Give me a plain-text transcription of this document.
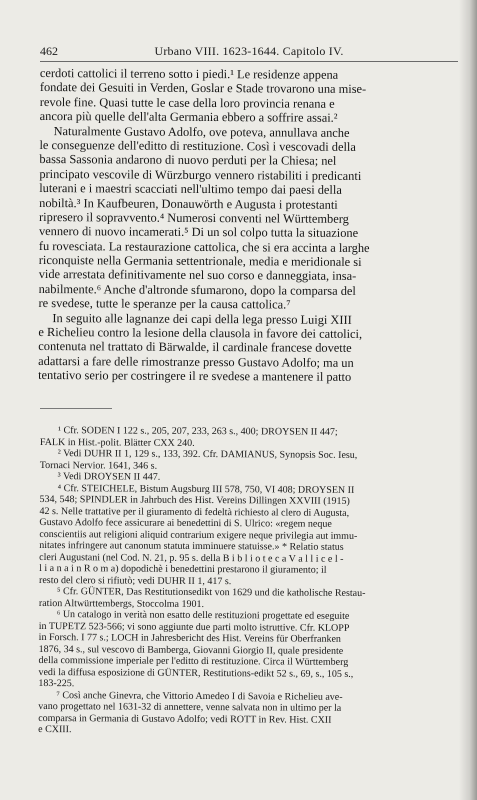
462	Urbano VIII. 1623-1644. Capitolo IV.
cerdoti cattolici il terreno sotto i piedi.¹ Le residenze appena
fondate dei Gesuiti in Verden, Goslar e Stade trovarono una mise-
revole fine. Quasi tutte le case della loro provincia renana e
ancora più quelle dell'alta Germania ebbero a soffrire assai.²
Naturalmente Gustavo Adolfo, ove poteva, annullava anche
le conseguenze dell'editto di restituzione. Così i vescovadi della
bassa Sassonia andarono di nuovo perduti per la Chiesa; nel
principato vescovile di Würzburgo vennero ristabiliti i predicanti
luterani e i maestri scacciati nell'ultimo tempo dai paesi della
nobiltà.³ In Kaufbeuren, Donauwörth e Augusta i protestanti
ripresero il sopravvento.⁴ Numerosi conventi nel Württemberg
vennero di nuovo incamerati.⁵ Di un sol colpo tutta la situazione
fu rovesciata. La restaurazione cattolica, che si era accinta a larghe
riconquiste nella Germania settentrionale, media e meridionale si
vide arrestata definitivamente nel suo corso e danneggiata, insa-
nabilmente.⁶ Anche d'altronde sfumarono, dopo la comparsa del
re svedese, tutte le speranze per la causa cattolica.⁷
In seguito alle lagnanze dei capi della lega presso Luigi XIII
e Richelieu contro la lesione della clausola in favore dei cattolici,
contenuta nel trattato di Bärwalde, il cardinale francese dovette
adattarsi a fare delle rimostranze presso Gustavo Adolfo; ma un
tentativo serio per costringere il re svedese a mantenere il patto
¹ Cfr. SODEN I 122 s., 205, 207, 233, 263 s., 400; DROYSEN II 447;
FALK in Hist.-polit. Blätter CXX 240.
² Vedi DUHR II 1, 129 s., 133, 392. Cfr. DAMIANUS, Synopsis Soc. Iesu,
Tornaci Nervior. 1641, 346 s.
³ Vedi DROYSEN II 447.
⁴ Cfr. STEICHELE, Bistum Augsburg III 578, 750, VI 408; DROYSEN II
534, 548; SPINDLER in Jahrbuch des Hist. Vereins Dillingen XXVIII (1915)
42 s. Nelle trattative per il giuramento di fedeltà richiesto al clero di Augusta,
Gustavo Adolfo fece assicurare ai benedettini di S. Ulrico: «regem neque
conscientiis aut religioni aliquid contrarium exigere neque privilegia aut immu-
nitates infringere aut canonum statuta imminuere statuisse.» * Relatio status
cleri Augustani (nel Cod. N. 21, p. 95 s. della B i b l i o t e c a V a l l i c e l -
l i a n a i n R o m a) dopodichè i benedettini prestarono il giuramento; il
resto del clero si rifiutò; vedi DUHR II 1, 417 s.
⁵ Cfr. GÜNTER, Das Restitutionsedikt von 1629 und die katholische Restau-
ration Altwürttembergs, Stoccolma 1901.
⁶ Un catalogo in verità non esatto delle restituzioni progettate ed eseguite
in TUPETZ 523-566; vi sono aggiunte due parti molto istruttive. Cfr. KLOPP
in Forsch. I 77 s.; LOCH in Jahresbericht des Hist. Vereins für Oberfranken
1876, 34 s., sul vescovo di Bamberga, Giovanni Giorgio II, quale presidente
della commissione imperiale per l'editto di restituzione. Circa il Württemberg
vedi la diffusa esposizione di GÜNTER, Restitutions-edikt 52 s., 69, s., 105 s.,
183-225.
⁷ Così anche Ginevra, che Vittorio Amedeo I di Savoia e Richelieu ave-
vano progettato nel 1631-32 di annettere, venne salvata non in ultimo per la
comparsa in Germania di Gustavo Adolfo; vedi ROTT in Rev. Hist. CXII
e CXIII.
